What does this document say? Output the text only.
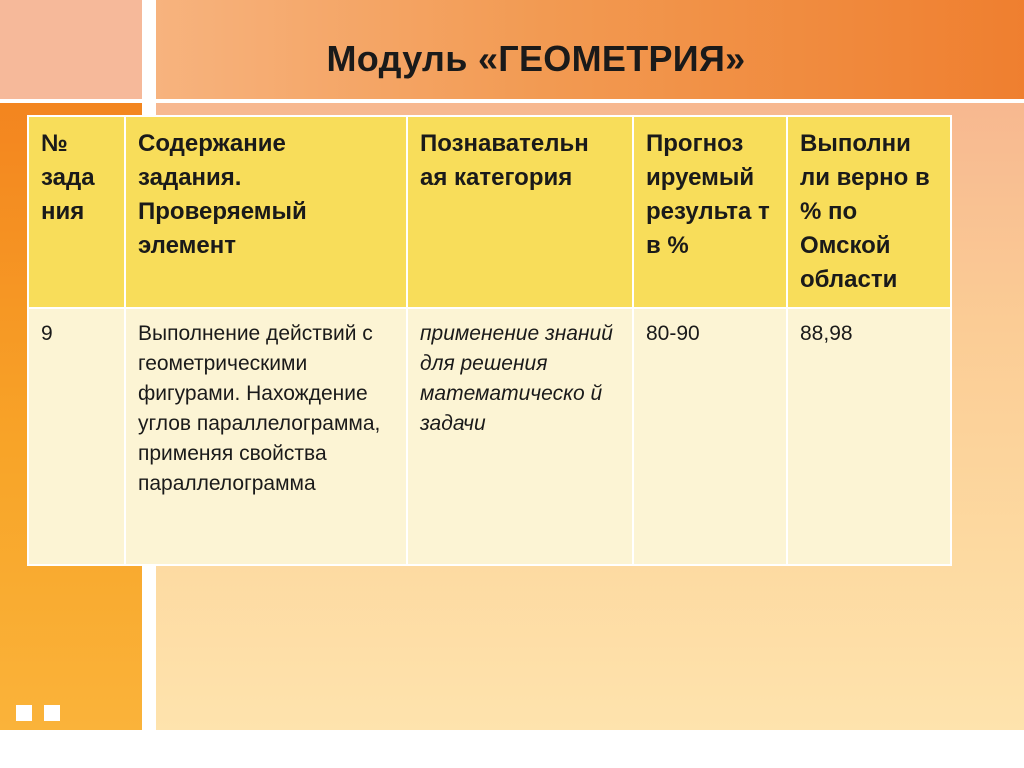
Модуль «ГЕОМЕТРИЯ»
№ зада ния	Содержание задания. Проверяемый элемент	Познавательн ая категория	Прогноз ируемый результа т в %	Выполни ли верно в % по Омской области
9	Выполнение действий с геометрическими фигурами. Нахождение углов параллелограмма, применяя свойства параллелограмма	применение знаний для решения математическо й задачи	80-90	88,98
